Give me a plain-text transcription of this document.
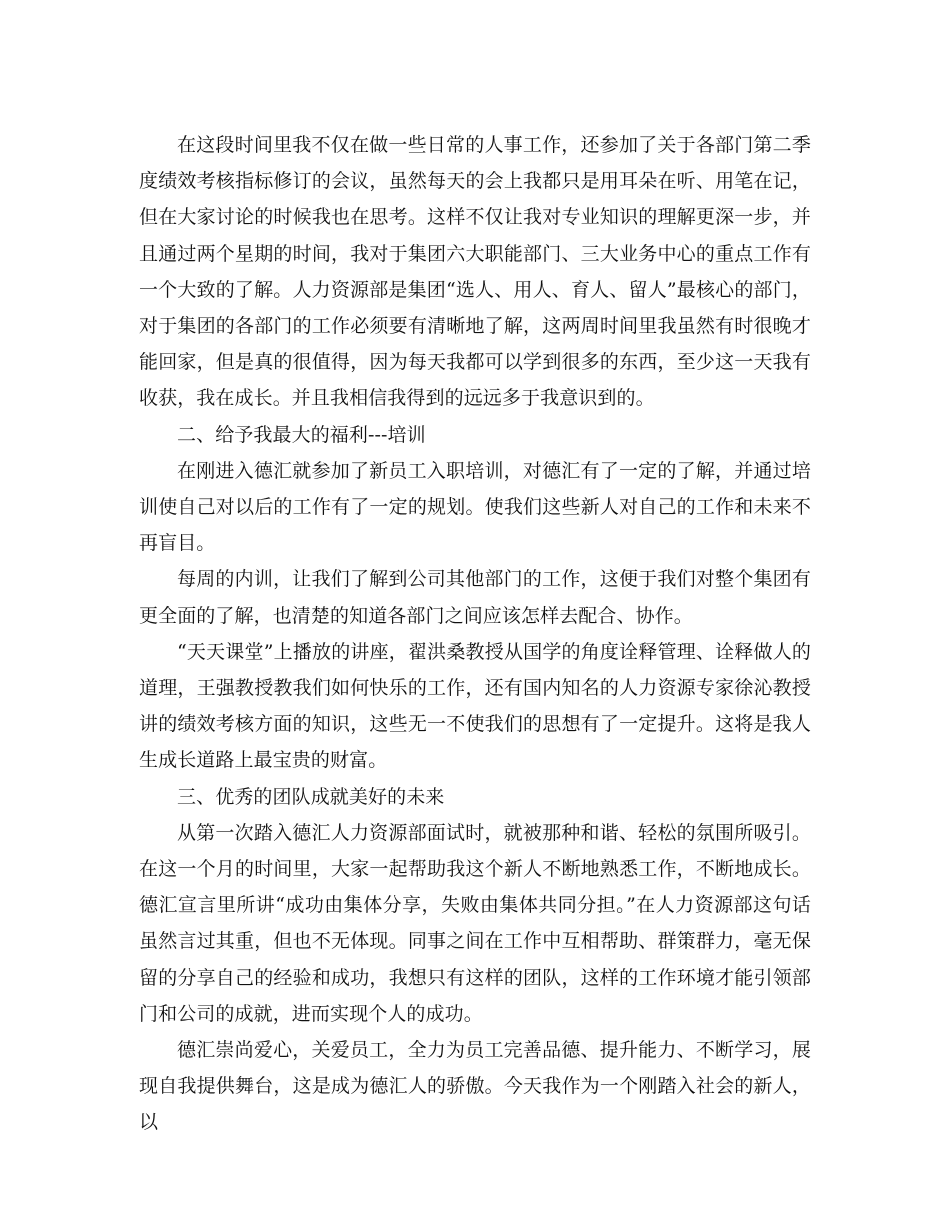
在这段时间里我不仅在做一些日常的人事工作，还参加了关于各部门第二季度绩效考核指标修订的会议，虽然每天的会上我都只是用耳朵在听、用笔在记，但在大家讨论的时候我也在思考。这样不仅让我对专业知识的理解更深一步，并且通过两个星期的时间，我对于集团六大职能部门、三大业务中心的重点工作有一个大致的了解。人力资源部是集团“选人、用人、育人、留人”最核心的部门，对于集团的各部门的工作必须要有清晰地了解，这两周时间里我虽然有时很晚才能回家，但是真的很值得，因为每天我都可以学到很多的东西，至少这一天我有收获，我在成长。并且我相信我得到的远远多于我意识到的。

二、给予我最大的福利---培训

在刚进入德汇就参加了新员工入职培训，对德汇有了一定的了解，并通过培训使自己对以后的工作有了一定的规划。使我们这些新人对自己的工作和未来不再盲目。

每周的内训，让我们了解到公司其他部门的工作，这便于我们对整个集团有更全面的了解，也清楚的知道各部门之间应该怎样去配合、协作。

“天天课堂”上播放的讲座，翟洪桑教授从国学的角度诠释管理、诠释做人的道理，王强教授教我们如何快乐的工作，还有国内知名的人力资源专家徐沁教授讲的绩效考核方面的知识，这些无一不使我们的思想有了一定提升。这将是我人生成长道路上最宝贵的财富。

三、优秀的团队成就美好的未来

从第一次踏入德汇人力资源部面试时，就被那种和谐、轻松的氛围所吸引。在这一个月的时间里，大家一起帮助我这个新人不断地熟悉工作，不断地成长。德汇宣言里所讲“成功由集体分享，失败由集体共同分担。”在人力资源部这句话虽然言过其重，但也不无体现。同事之间在工作中互相帮助、群策群力，毫无保留的分享自己的经验和成功，我想只有这样的团队，这样的工作环境才能引领部门和公司的成就，进而实现个人的成功。

德汇崇尚爱心，关爱员工，全力为员工完善品德、提升能力、不断学习，展现自我提供舞台，这是成为德汇人的骄傲。今天我作为一个刚踏入社会的新人，以
